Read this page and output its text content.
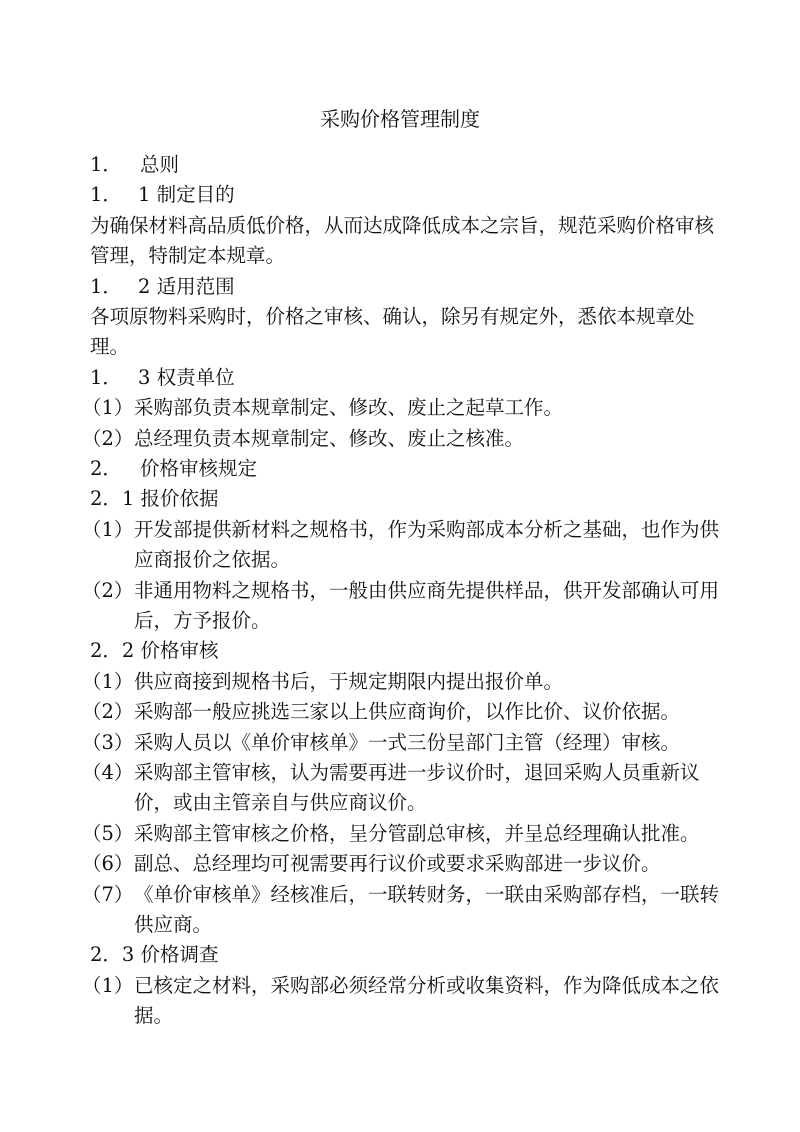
采购价格管理制度
1． 总则
1． 1 制定目的
为确保材料高品质低价格，从而达成降低成本之宗旨，规范采购价格审核管理，特制定本规章。
1． 2 适用范围
各项原物料采购时，价格之审核、确认，除另有规定外，悉依本规章处理。
1． 3 权责单位
（1） 采购部负责本规章制定、修改、废止之起草工作。
（2） 总经理负责本规章制定、修改、废止之核准。
2． 价格审核规定
2．1 报价依据
（1） 开发部提供新材料之规格书，作为采购部成本分析之基础，也作为供应商报价之依据。
（2） 非通用物料之规格书，一般由供应商先提供样品，供开发部确认可用后，方予报价。
2．2 价格审核
（1） 供应商接到规格书后，于规定期限内提出报价单。
（2） 采购部一般应挑选三家以上供应商询价，以作比价、议价依据。
（3） 采购人员以《单价审核单》一式三份呈部门主管（经理）审核。
（4） 采购部主管审核，认为需要再进一步议价时，退回采购人员重新议价，或由主管亲自与供应商议价。
（5） 采购部主管审核之价格，呈分管副总审核，并呈总经理确认批准。
（6） 副总、总经理均可视需要再行议价或要求采购部进一步议价。
（7） 《单价审核单》经核准后，一联转财务，一联由采购部存档，一联转供应商。
2．3 价格调查
（1） 已核定之材料，采购部必须经常分析或收集资料，作为降低成本之依据。
